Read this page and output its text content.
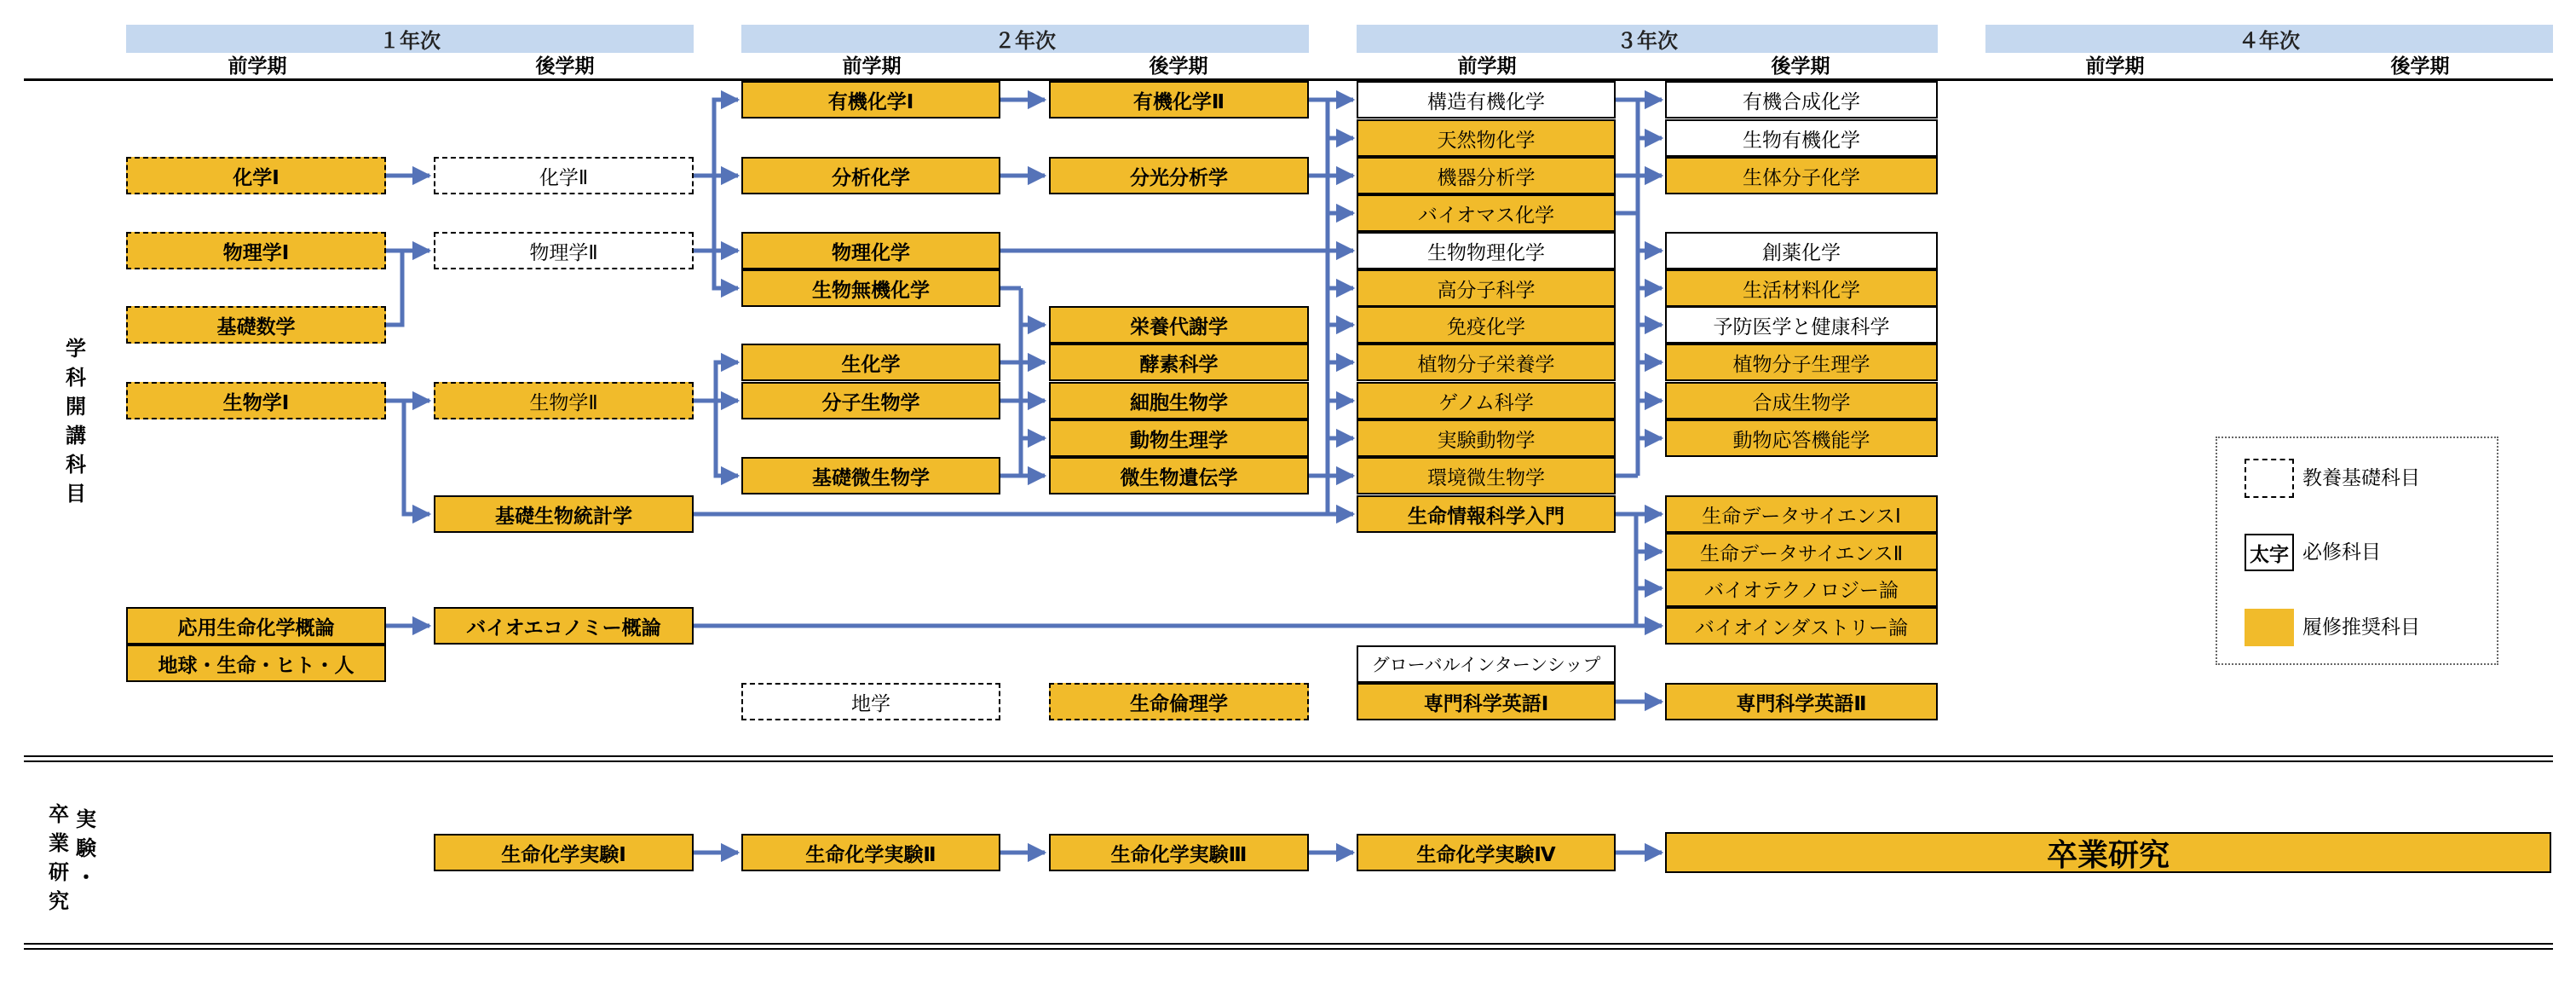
１年次	２年次	３年次	４年次
前学期	後学期	前学期	後学期	前学期	後学期	前学期	後学期
学
科
開
講
科
目
実
験
・
卒
業
研
究
化学Ⅰ
物理学Ⅰ
基礎数学
生物学Ⅰ
応用生命化学概論
地球・生命・ヒト・人
化学Ⅱ
物理学Ⅱ
生物学Ⅱ
基礎生物統計学
バイオエコノミー概論
有機化学Ⅰ
分析化学
物理化学
生物無機化学
生化学
分子生物学
基礎微生物学
地学
有機化学Ⅱ
分光分析学
栄養代謝学
酵素科学
細胞生物学
動物生理学
微生物遺伝学
生命倫理学
構造有機化学
天然物化学
機器分析学
バイオマス化学
生物物理化学
高分子科学
免疫化学
植物分子栄養学
ゲノム科学
実験動物学
環境微生物学
生命情報科学入門
グローバルインターンシップ
専門科学英語Ⅰ
有機合成化学
生物有機化学
生体分子化学
創薬化学
生活材料化学
予防医学と健康科学
植物分子生理学
合成生物学
動物応答機能学
生命データサイエンスⅠ
生命データサイエンスⅡ
バイオテクノロジー論
バイオインダストリー論
専門科学英語Ⅱ
生命化学実験Ⅰ	生命化学実験Ⅱ	生命化学実験Ⅲ	生命化学実験Ⅳ	卒業研究
教養基礎科目
太字 必修科目
履修推奨科目
